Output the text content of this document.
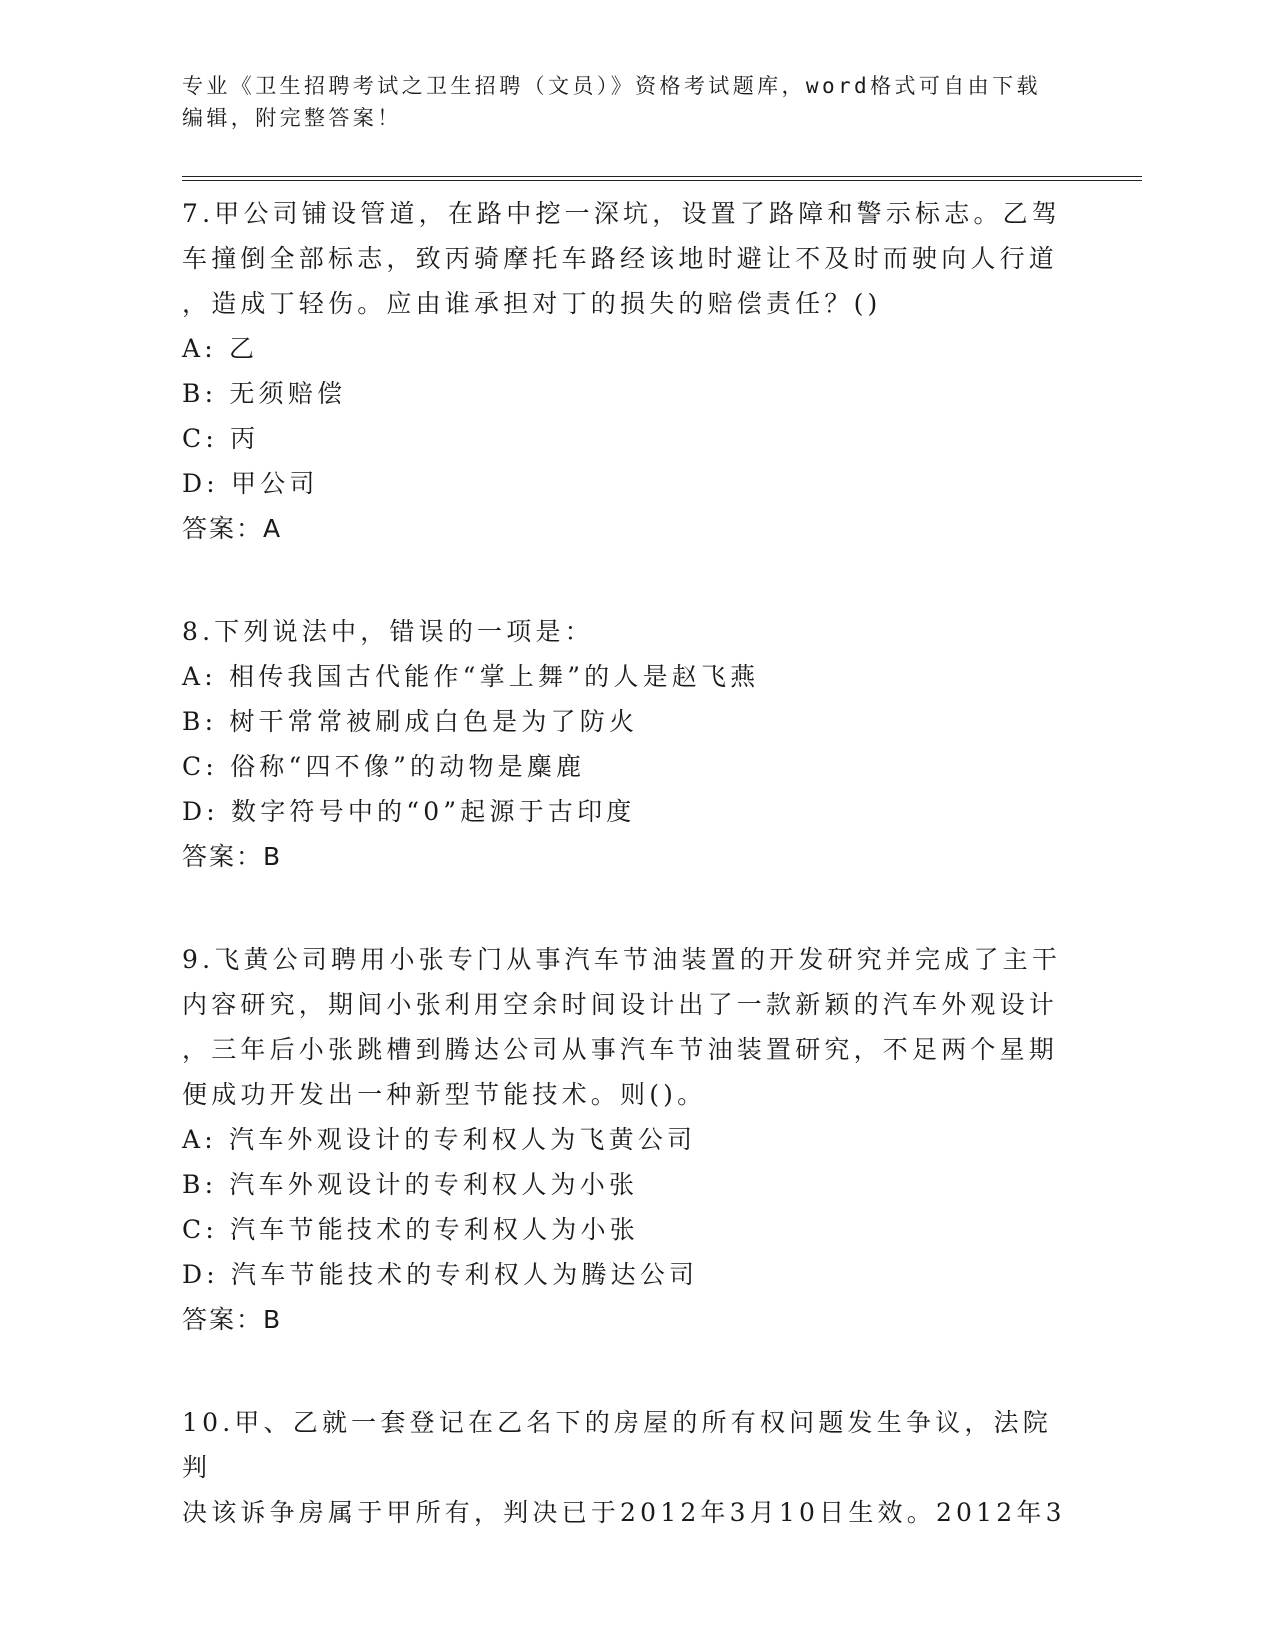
专业《卫生招聘考试之卫生招聘（文员）》资格考试题库，word格式可自由下载
编辑，附完整答案！
7.甲公司铺设管道，在路中挖一深坑，设置了路障和警示标志。乙驾
车撞倒全部标志，致丙骑摩托车路经该地时避让不及时而驶向人行道
，造成丁轻伤。应由谁承担对丁的损失的赔偿责任？()
A: 乙
B: 无须赔偿
C: 丙
D: 甲公司
答案：A
8.下列说法中，错误的一项是：
A: 相传我国古代能作“掌上舞”的人是赵飞燕
B: 树干常常被刷成白色是为了防火
C: 俗称“四不像”的动物是麋鹿
D: 数字符号中的“0”起源于古印度
答案：B
9.飞黄公司聘用小张专门从事汽车节油装置的开发研究并完成了主干
内容研究，期间小张利用空余时间设计出了一款新颖的汽车外观设计
，三年后小张跳槽到腾达公司从事汽车节油装置研究，不足两个星期
便成功开发出一种新型节能技术。则()。
A: 汽车外观设计的专利权人为飞黄公司
B: 汽车外观设计的专利权人为小张
C: 汽车节能技术的专利权人为小张
D: 汽车节能技术的专利权人为腾达公司
答案：B
10.甲、乙就一套登记在乙名下的房屋的所有权问题发生争议，法院判
决该诉争房属于甲所有，判决已于2012年3月10日生效。2012年3
